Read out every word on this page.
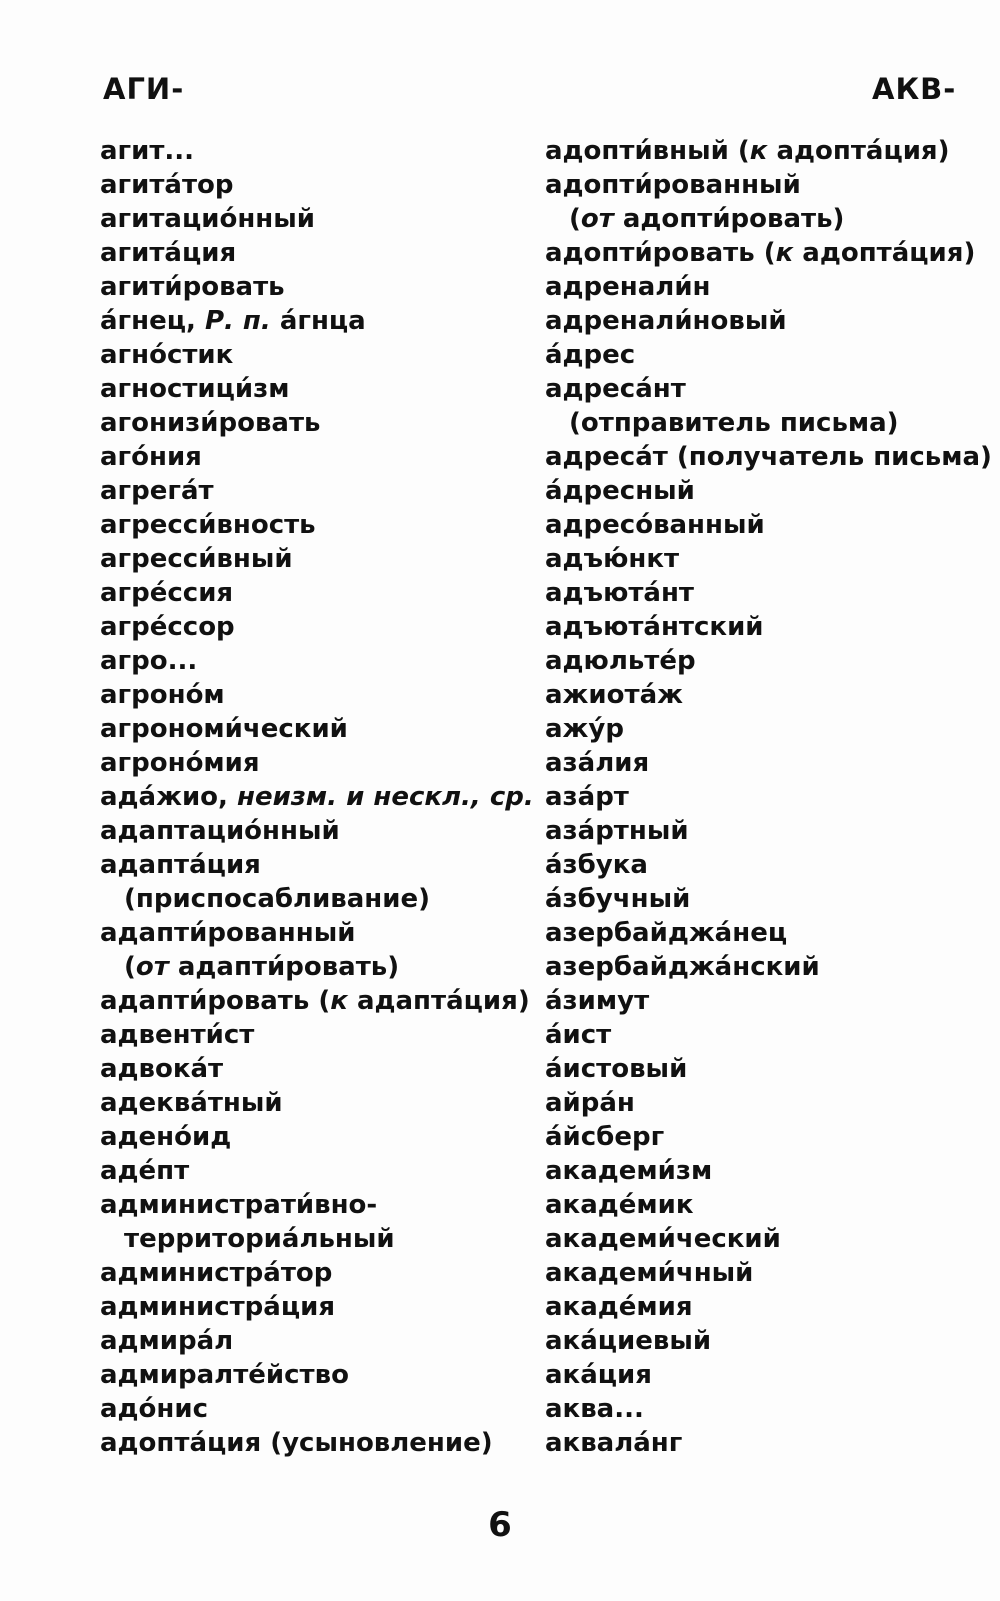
АГИ-	АКВ-
агит...
агита́тор
агитацио́нный
агита́ция
агити́ровать
а́гнец, Р. п. а́гнца
агно́стик
агностици́зм
агонизи́ровать
аго́ния
агрега́т
агресси́вность
агресси́вный
агре́ссия
агре́ссор
агро...
агроно́м
агрономи́ческий
агроно́мия
ада́жио, неизм. и нескл., ср.
адаптацио́нный
адапта́ция
(приспосабливание)
адапти́рованный
(от адапти́ровать)
адапти́ровать (к адапта́ция)
адвенти́ст
адвока́т
адеква́тный
адено́ид
аде́пт
администрати́вно-
территориа́льный
администра́тор
администра́ция
адмира́л
адмиралте́йство
адо́нис
адопта́ция (усыновление)
адопти́вный (к адопта́ция)
адопти́рованный
(от адопти́ровать)
адопти́ровать (к адопта́ция)
адренали́н
адренали́новый
а́дрес
адреса́нт
(отправитель письма)
адреса́т (получатель письма)
а́дресный
адресо́ванный
адъю́нкт
адъюта́нт
адъюта́нтский
адюльте́р
ажиота́ж
ажу́р
аза́лия
аза́рт
аза́ртный
а́збука
а́збучный
азербайджа́нец
азербайджа́нский
а́зимут
а́ист
а́истовый
айра́н
а́йсберг
академи́зм
акаде́мик
академи́ческий
академи́чный
акаде́мия
ака́циевый
ака́ция
аква...
аквала́нг
6
